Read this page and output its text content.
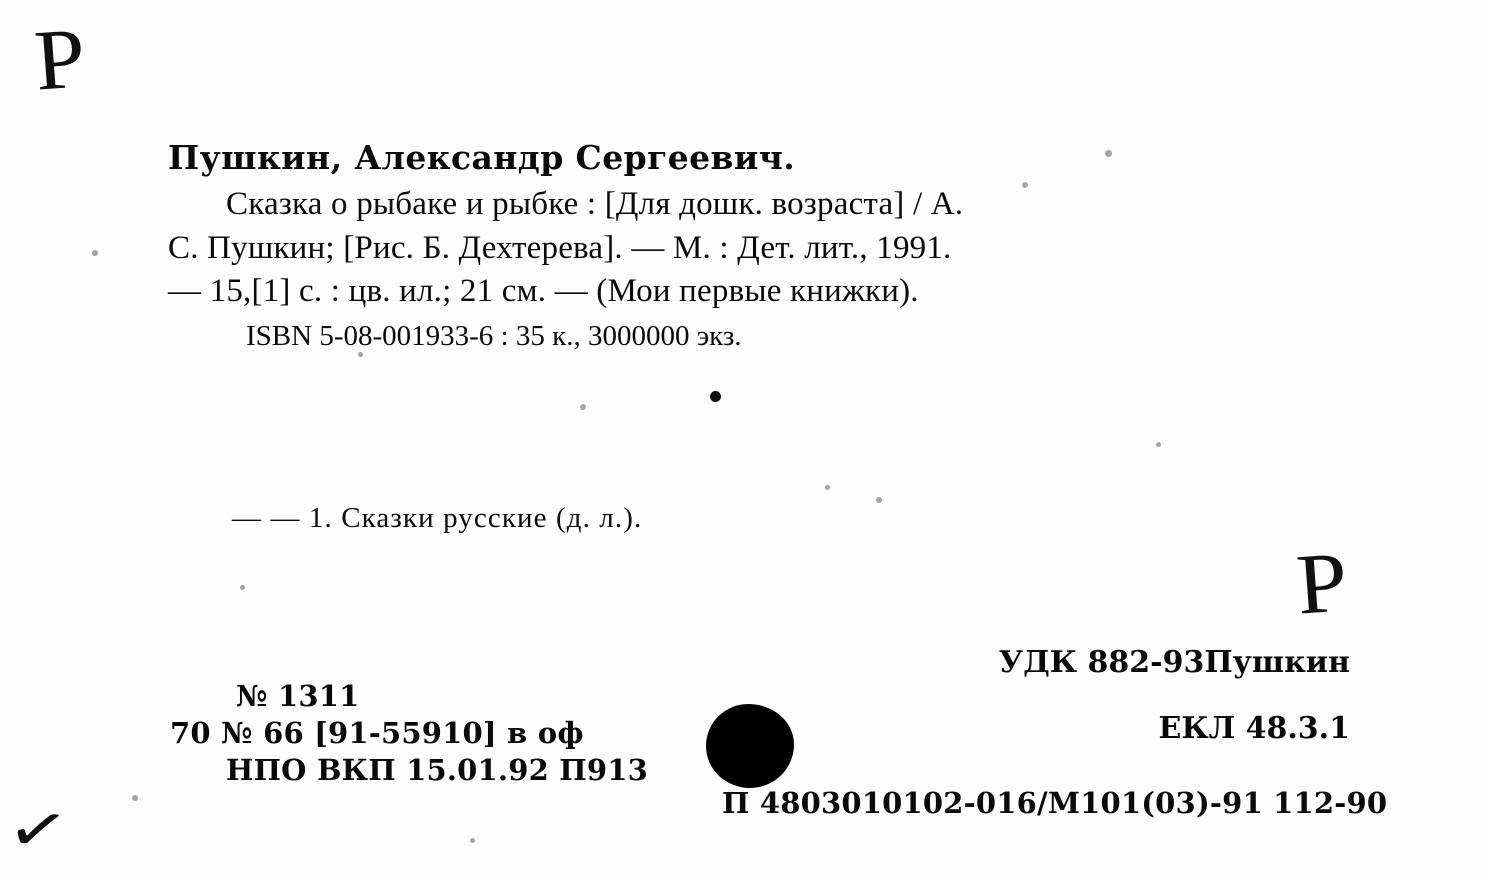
P
P
✓
Пушкин, Александр Сергеевич.
Сказка о рыбаке и рыбке : [Для дошк. возраста] / А.
С. Пушкин; [Рис. Б. Дехтерева]. — М. : Дет. лит., 1991.
— 15,[1] с. : цв. ил.; 21 см. — (Мои первые книжки).
ISBN 5-08-001933-6 : 35 к., 3000000 экз.
— — 1. Сказки русские (д. л.).
№ 1311
70 № 66 [91-55910] в оф
НПО ВКП 15.01.92 П913
УДК 882-93Пушкин
ЕКЛ 48.3.1
П 4803010102-016/М101(03)-91 112-90
